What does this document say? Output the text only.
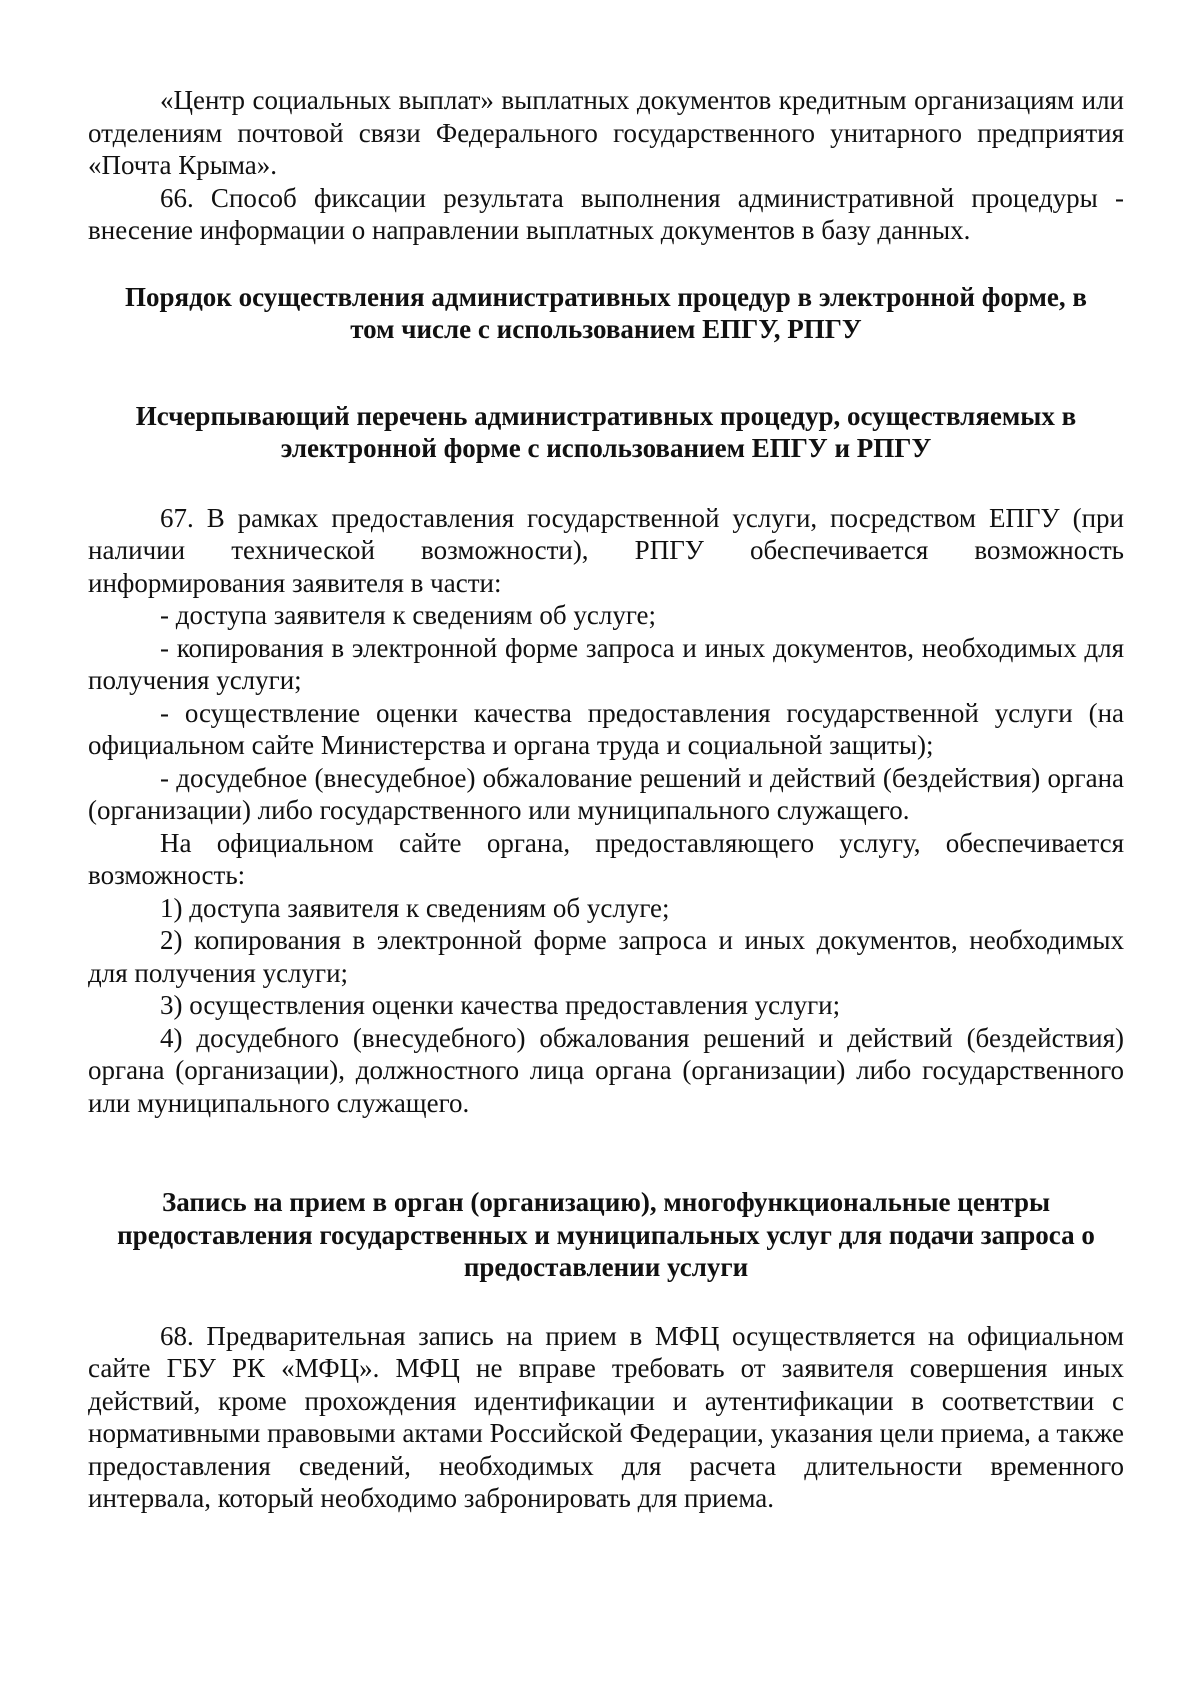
«Центр социальных выплат» выплатных документов кредитным организациям или отделениям почтовой связи Федерального государственного унитарного предприятия «Почта Крыма».

66. Способ фиксации результата выполнения административной процедуры - внесение информации о направлении выплатных документов в базу данных.

Порядок осуществления административных процедур в электронной форме, в том числе с использованием ЕПГУ, РПГУ

Исчерпывающий перечень административных процедур, осуществляемых в электронной форме с использованием ЕПГУ и РПГУ

67. В рамках предоставления государственной услуги, посредством ЕПГУ (при наличии технической возможности), РПГУ обеспечивается возможность информирования заявителя в части:

- доступа заявителя к сведениям об услуге;

- копирования в электронной форме запроса и иных документов, необходимых для получения услуги;

- осуществление оценки качества предоставления государственной услуги (на официальном сайте Министерства и органа труда и социальной защиты);

- досудебное (внесудебное) обжалование решений и действий (бездействия) органа (организации) либо государственного или муниципального служащего.

На официальном сайте органа, предоставляющего услугу, обеспечивается возможность:

1) доступа заявителя к сведениям об услуге;

2) копирования в электронной форме запроса и иных документов, необходимых для получения услуги;

3) осуществления оценки качества предоставления услуги;

4) досудебного (внесудебного) обжалования решений и действий (бездействия) органа (организации), должностного лица органа (организации) либо государственного или муниципального служащего.

Запись на прием в орган (организацию), многофункциональные центры предоставления государственных и муниципальных услуг для подачи запроса о предоставлении услуги

68. Предварительная запись на прием в МФЦ осуществляется на официальном сайте ГБУ РК «МФЦ». МФЦ не вправе требовать от заявителя совершения иных действий, кроме прохождения идентификации и аутентификации в соответствии с нормативными правовыми актами Российской Федерации, указания цели приема, а также предоставления сведений, необходимых для расчета длительности временного интервала, который необходимо забронировать для приема.
